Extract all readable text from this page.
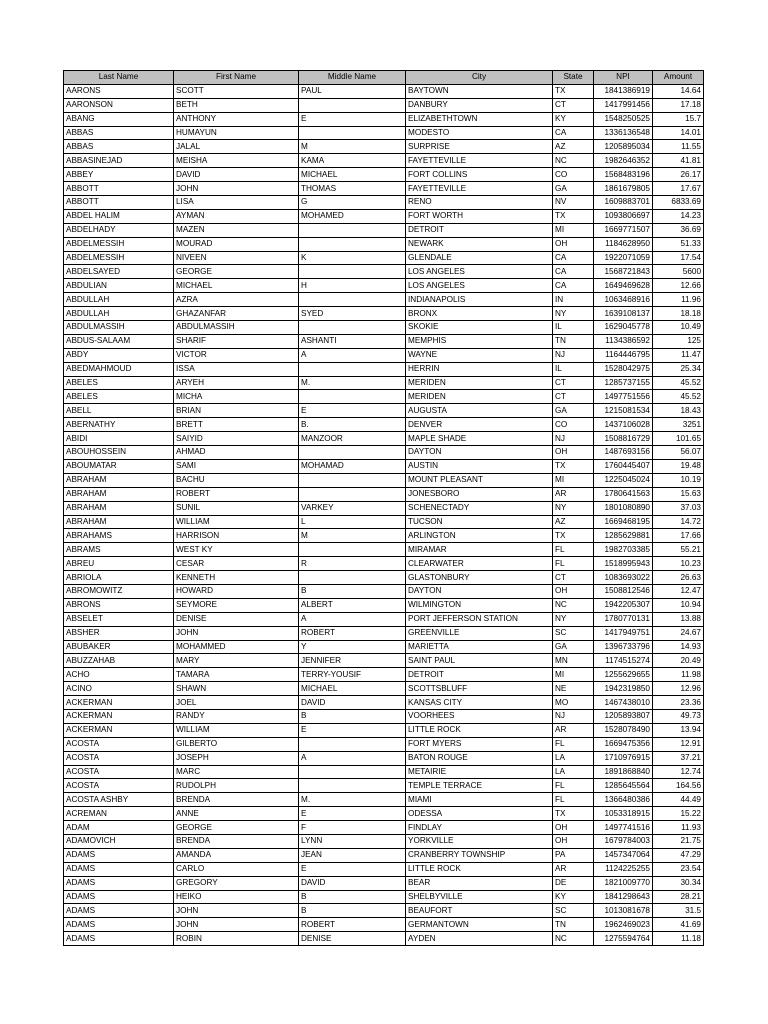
Last Name	First Name	Middle Name	City	State	NPI	Amount
AARONS	SCOTT	PAUL	BAYTOWN	TX	1841386919	14.64
AARONSON	BETH		DANBURY	CT	1417991456	17.18
ABANG	ANTHONY	E	ELIZABETHTOWN	KY	1548250525	15.7
ABBAS	HUMAYUN		MODESTO	CA	1336136548	14.01
ABBAS	JALAL	M	SURPRISE	AZ	1205895034	11.55
ABBASINEJAD	MEISHA	KAMA	FAYETTEVILLE	NC	1982646352	41.81
ABBEY	DAVID	MICHAEL	FORT COLLINS	CO	1568483196	26.17
ABBOTT	JOHN	THOMAS	FAYETTEVILLE	GA	1861679805	17.67
ABBOTT	LISA	G	RENO	NV	1609883701	6833.69
ABDEL HALIM	AYMAN	MOHAMED	FORT WORTH	TX	1093806697	14.23
ABDELHADY	MAZEN		DETROIT	MI	1669771507	36.69
ABDELMESSIH	MOURAD		NEWARK	OH	1184628950	51.33
ABDELMESSIH	NIVEEN	K	GLENDALE	CA	1922071059	17.54
ABDELSAYED	GEORGE		LOS ANGELES	CA	1568721843	5600
ABDULIAN	MICHAEL	H	LOS ANGELES	CA	1649469628	12.66
ABDULLAH	AZRA		INDIANAPOLIS	IN	1063468916	11.96
ABDULLAH	GHAZANFAR	SYED	BRONX	NY	1639108137	18.18
ABDULMASSIH	ABDULMASSIH		SKOKIE	IL	1629045778	10.49
ABDUS-SALAAM	SHARIF	ASHANTI	MEMPHIS	TN	1134386592	125
ABDY	VICTOR	A	WAYNE	NJ	1164446795	11.47
ABEDMAHMOUD	ISSA		HERRIN	IL	1528042975	25.34
ABELES	ARYEH	M.	MERIDEN	CT	1285737155	45.52
ABELES	MICHA		MERIDEN	CT	1497751556	45.52
ABELL	BRIAN	E	AUGUSTA	GA	1215081534	18.43
ABERNATHY	BRETT	B.	DENVER	CO	1437106028	3251
ABIDI	SAIYID	MANZOOR	MAPLE SHADE	NJ	1508816729	101.65
ABOUHOSSEIN	AHMAD		DAYTON	OH	1487693156	56.07
ABOUMATAR	SAMI	MOHAMAD	AUSTIN	TX	1760445407	19.48
ABRAHAM	BACHU		MOUNT PLEASANT	MI	1225045024	10.19
ABRAHAM	ROBERT		JONESBORO	AR	1780641563	15.63
ABRAHAM	SUNIL	VARKEY	SCHENECTADY	NY	1801080890	37.03
ABRAHAM	WILLIAM	L	TUCSON	AZ	1669468195	14.72
ABRAHAMS	HARRISON	M	ARLINGTON	TX	1285629881	17.66
ABRAMS	WEST KY		MIRAMAR	FL	1982703385	55.21
ABREU	CESAR	R	CLEARWATER	FL	1518995943	10.23
ABRIOLA	KENNETH		GLASTONBURY	CT	1083693022	26.63
ABROMOWITZ	HOWARD	B	DAYTON	OH	1508812546	12.47
ABRONS	SEYMORE	ALBERT	WILMINGTON	NC	1942205307	10.94
ABSELET	DENISE	A	PORT JEFFERSON STATION	NY	1780770131	13.88
ABSHER	JOHN	ROBERT	GREENVILLE	SC	1417949751	24.67
ABUBAKER	MOHAMMED	Y	MARIETTA	GA	1396733796	14.93
ABUZZAHAB	MARY	JENNIFER	SAINT PAUL	MN	1174515274	20.49
ACHO	TAMARA	TERRY-YOUSIF	DETROIT	MI	1255629655	11.98
ACINO	SHAWN	MICHAEL	SCOTTSBLUFF	NE	1942319850	12.96
ACKERMAN	JOEL	DAVID	KANSAS CITY	MO	1467438010	23.36
ACKERMAN	RANDY	B	VOORHEES	NJ	1205893807	49.73
ACKERMAN	WILLIAM	E	LITTLE ROCK	AR	1528078490	13.94
ACOSTA	GILBERTO		FORT MYERS	FL	1669475356	12.91
ACOSTA	JOSEPH	A	BATON ROUGE	LA	1710976915	37.21
ACOSTA	MARC		METAIRIE	LA	1891868840	12.74
ACOSTA	RUDOLPH		TEMPLE TERRACE	FL	1285645564	164.56
ACOSTA ASHBY	BRENDA	M.	MIAMI	FL	1366480386	44.49
ACREMAN	ANNE	E	ODESSA	TX	1053318915	15.22
ADAM	GEORGE	F	FINDLAY	OH	1497741516	11.93
ADAMOVICH	BRENDA	LYNN	YORKVILLE	OH	1679784003	21.75
ADAMS	AMANDA	JEAN	CRANBERRY TOWNSHIP	PA	1457347064	47.29
ADAMS	CARLO	E	LITTLE ROCK	AR	1124225255	23.54
ADAMS	GREGORY	DAVID	BEAR	DE	1821009770	30.34
ADAMS	HEIKO	B	SHELBYVILLE	KY	1841298643	28.21
ADAMS	JOHN	B	BEAUFORT	SC	1013081678	31.5
ADAMS	JOHN	ROBERT	GERMANTOWN	TN	1962469023	41.69
ADAMS	ROBIN	DENISE	AYDEN	NC	1275594764	11.18
